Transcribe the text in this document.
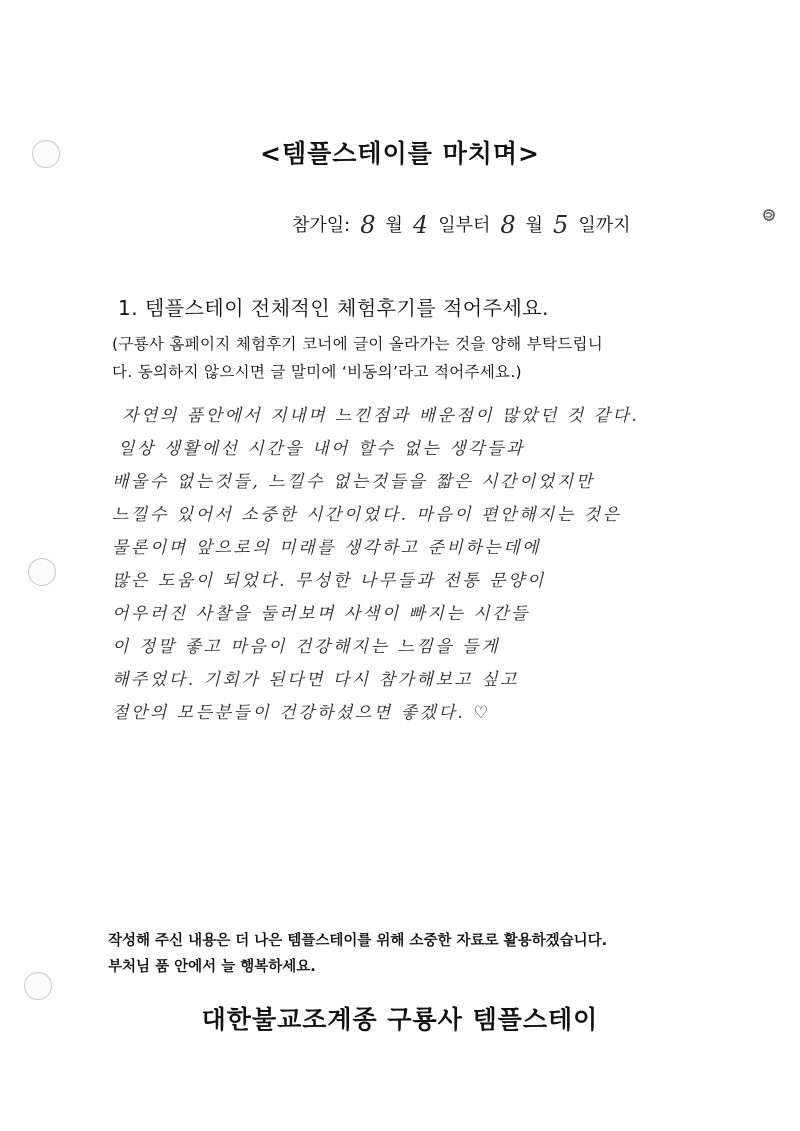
<템플스테이를 마치며>
참가일: 8 월 4 일부터 8 월 5 일까지
1. 템플스테이 전체적인 체험후기를 적어주세요.
(구룡사 홈페이지 체험후기 코너에 글이 올라가는 것을 양해 부탁드립니
다. 동의하지 않으시면 글 말미에 ‘비동의’라고 적어주세요.)
자연의 품안에서 지내며 느낀점과 배운점이 많았던 것 같다.
일상 생활에선 시간을 내어 할수 없는 생각들과
배울수 없는것들, 느낄수 없는것들을 짧은 시간이었지만
느낄수 있어서 소중한 시간이었다. 마음이 편안해지는 것은
물론이며 앞으로의 미래를 생각하고 준비하는데에
많은 도움이 되었다. 무성한 나무들과 전통 문양이
어우러진 사찰을 둘러보며 사색이 빠지는 시간들
이 정말 좋고 마음이 건강해지는 느낌을 들게
해주었다. 기회가 된다면 다시 참가해보고 싶고
절안의 모든분들이 건강하셨으면 좋겠다. ♡
작성해 주신 내용은 더 나은 템플스테이를 위해 소중한 자료로 활용하겠습니다.
부처님 품 안에서 늘 행복하세요.
대한불교조계종 구룡사 템플스테이
